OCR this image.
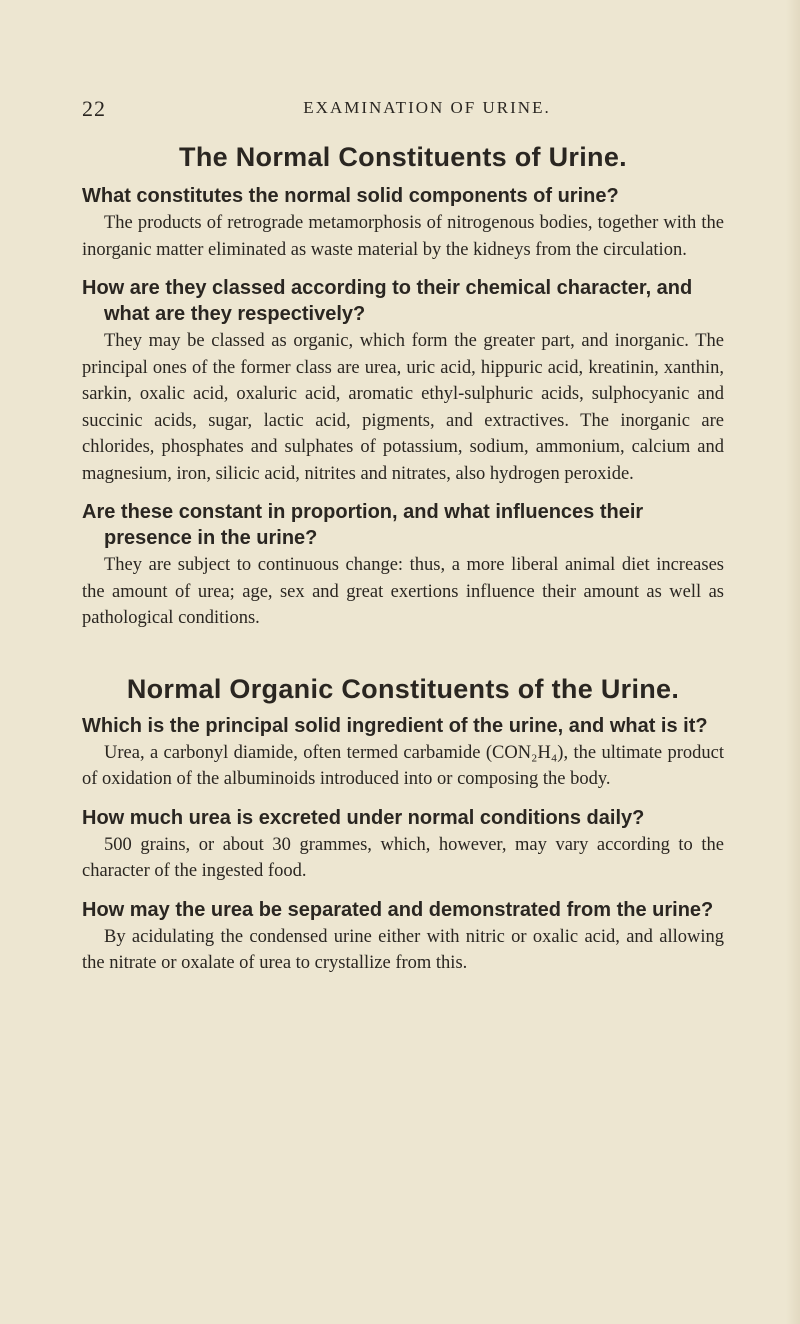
22	EXAMINATION OF URINE.
The Normal Constituents of Urine.

What constitutes the normal solid components of urine?

The products of retrograde metamorphosis of nitrogenous bodies, together with the inorganic matter eliminated as waste material by the kidneys from the circulation.

How are they classed according to their chemical character, and what are they respectively?

They may be classed as organic, which form the greater part, and inorganic. The principal ones of the former class are urea, uric acid, hippuric acid, kreatinin, xanthin, sarkin, oxalic acid, oxaluric acid, aromatic ethyl-sulphuric acids, sulphocyanic and succinic acids, sugar, lactic acid, pigments, and extractives. The inorganic are chlorides, phosphates and sulphates of potassium, sodium, ammonium, calcium and magnesium, iron, silicic acid, nitrites and nitrates, also hydrogen peroxide.

Are these constant in proportion, and what influences their presence in the urine?

They are subject to continuous change: thus, a more liberal animal diet increases the amount of urea; age, sex and great exertions influence their amount as well as pathological conditions.

Normal Organic Constituents of the Urine.

Which is the principal solid ingredient of the urine, and what is it?

Urea, a carbonyl diamide, often termed carbamide (CON₂H₄), the ultimate product of oxidation of the albuminoids introduced into or composing the body.

How much urea is excreted under normal conditions daily?

500 grains, or about 30 grammes, which, however, may vary according to the character of the ingested food.

How may the urea be separated and demonstrated from the urine?

By acidulating the condensed urine either with nitric or oxalic acid, and allowing the nitrate or oxalate of urea to crystallize from this.
